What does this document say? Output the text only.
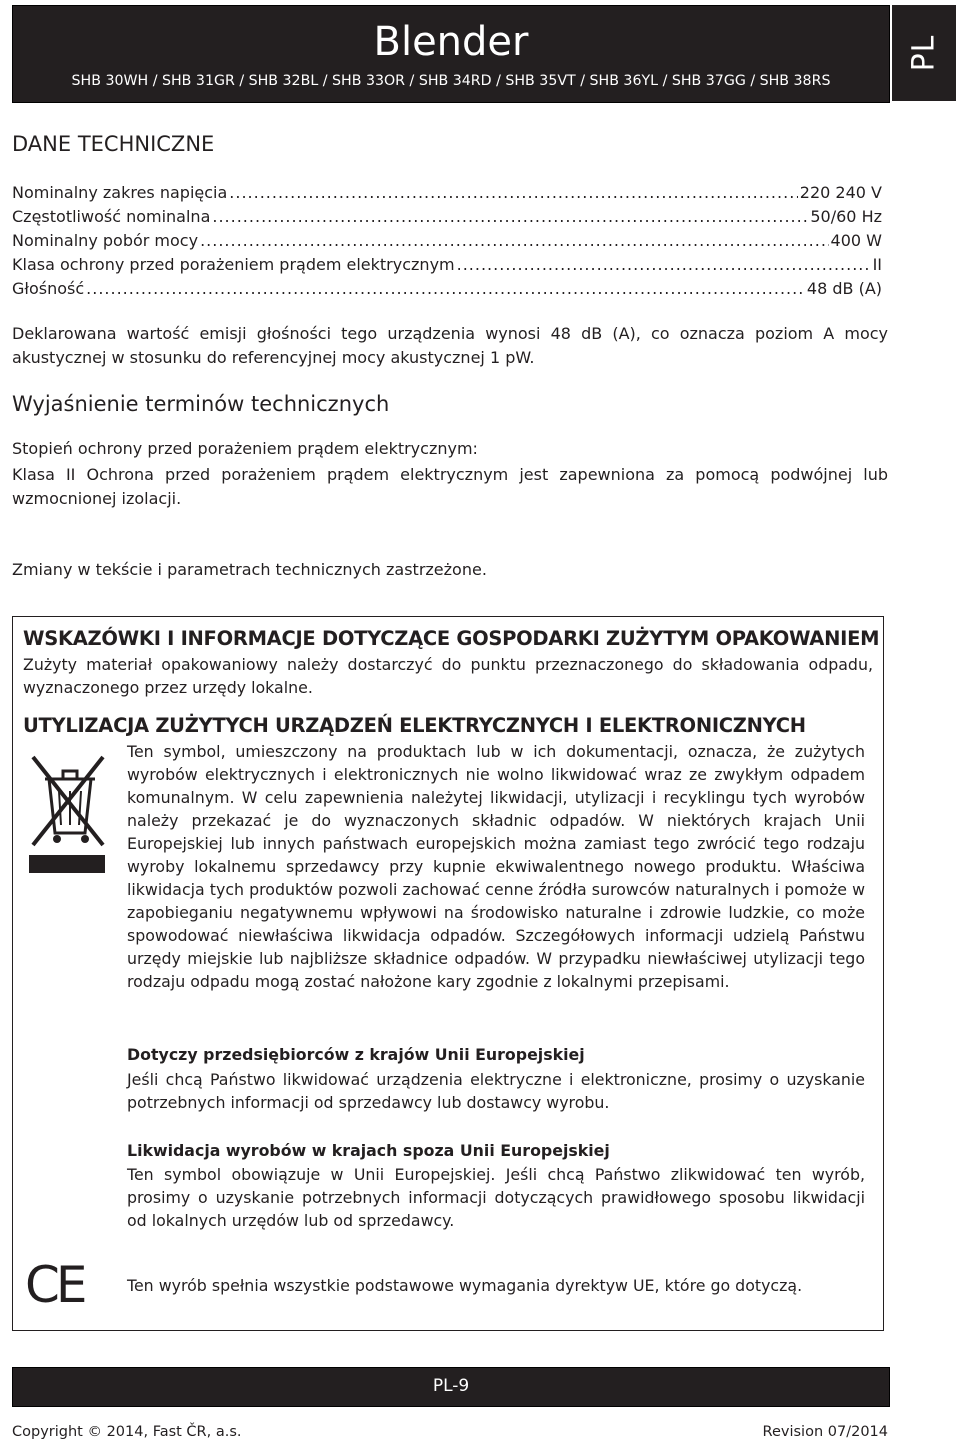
Blender
SHB 30WH / SHB 31GR / SHB 32BL / SHB 33OR / SHB 34RD / SHB 35VT / SHB 36YL / SHB 37GG / SHB 38RS
PL
DANE TECHNICZNE
Nominalny zakres napięcia .....	220 240 V
Częstotliwość nominalna .....	50/60 Hz
Nominalny pobór mocy .....	400 W
Klasa ochrony przed porażeniem prądem elektrycznym .....	II
Głośność .....	48 dB (A)
Deklarowana wartość emisji głośności tego urządzenia wynosi 48 dB (A), co oznacza poziom A mocy akustycznej w stosunku do referencyjnej mocy akustycznej 1 pW.
Wyjaśnienie terminów technicznych
Stopień ochrony przed porażeniem prądem elektrycznym:
Klasa II Ochrona przed porażeniem prądem elektrycznym jest zapewniona za pomocą podwójnej lub wzmocnionej izolacji.
Zmiany w tekście i parametrach technicznych zastrzeżone.
WSKAZÓWKI I INFORMACJE DOTYCZĄCE GOSPODARKI ZUŻYTYM OPAKOWANIEM
Zużyty materiał opakowaniowy należy dostarczyć do punktu przeznaczonego do składowania odpadu, wyznaczonego przez urzędy lokalne.
UTYLIZACJA ZUŻYTYCH URZĄDZEŃ ELEKTRYCZNYCH I ELEKTRONICZNYCH
Ten symbol, umieszczony na produktach lub w ich dokumentacji, oznacza, że zużytych wyrobów elektrycznych i elektronicznych nie wolno likwidować wraz ze zwykłym odpadem komunalnym. W celu zapewnienia należytej likwidacji, utylizacji i recyklingu tych wyrobów należy przekazać je do wyznaczonych składnic odpadów. W niektórych krajach Unii Europejskiej lub innych państwach europejskich można zamiast tego zwrócić tego rodzaju wyroby lokalnemu sprzedawcy przy kupnie ekwiwalentnego nowego produktu. Właściwa likwidacja tych produktów pozwoli zachować cenne źródła surowców naturalnych i pomoże w zapobieganiu negatywnemu wpływowi na środowisko naturalne i zdrowie ludzkie, co może spowodować niewłaściwa likwidacja odpadów. Szczegółowych informacji udzielą Państwu urzędy miejskie lub najbliższe składnice odpadów. W przypadku niewłaściwej utylizacji tego rodzaju odpadu mogą zostać nałożone kary zgodnie z lokalnymi przepisami.
Dotyczy przedsiębiorców z krajów Unii Europejskiej
Jeśli chcą Państwo likwidować urządzenia elektryczne i elektroniczne, prosimy o uzyskanie potrzebnych informacji od sprzedawcy lub dostawcy wyrobu.
Likwidacja wyrobów w krajach spoza Unii Europejskiej
Ten symbol obowiązuje w Unii Europejskiej. Jeśli chcą Państwo zlikwidować ten wyrób, prosimy o uzyskanie potrzebnych informacji dotyczących prawidłowego sposobu likwidacji od lokalnych urzędów lub od sprzedawcy.
CE	Ten wyrób spełnia wszystkie podstawowe wymagania dyrektyw UE, które go dotyczą.
PL-9
Copyright © 2014, Fast ČR, a.s.	Revision 07/2014
